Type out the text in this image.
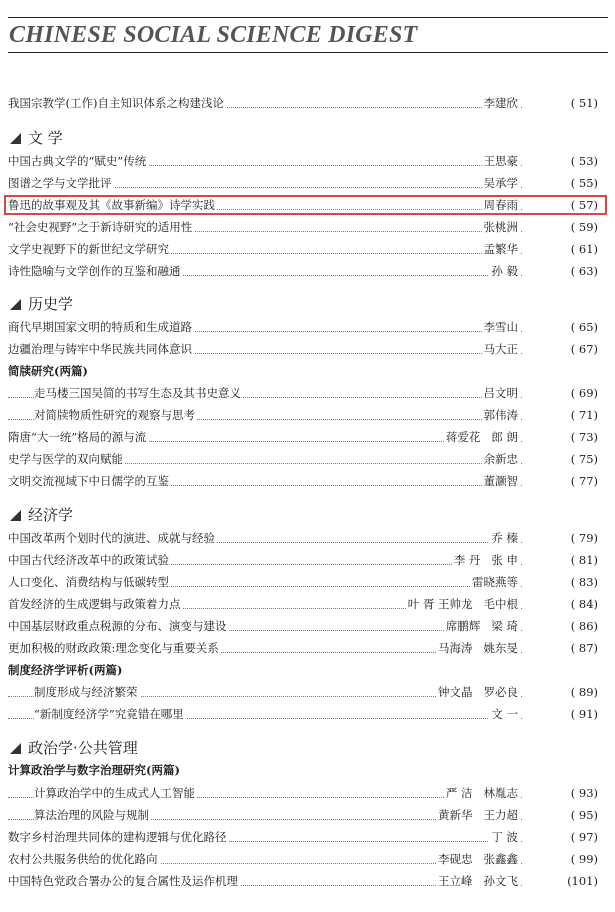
CHINESE SOCIAL SCIENCE DIGEST
我国宗教学(工作)自主知识体系之构建浅论	李建欣	( 51)
文 学
中国古典文学的“赋史”传统	王思豪	( 53)
图谱之学与文学批评	吴承学	( 55)
鲁迅的故事观及其《故事新编》诗学实践	周春雨	( 57)
“社会史视野”之于新诗研究的适用性	张桃洲	( 59)
文学史视野下的新世纪文学研究	孟繁华	( 61)
诗性隐喻与文学创作的互鉴和融通	孙 毅	( 63)
历史学
商代早期国家文明的特质和生成道路	李雪山	( 65)
边疆治理与铸牢中华民族共同体意识	马大正	( 67)
简牍研究(两篇)
走马楼三国吴简的书写生态及其书史意义	吕文明	( 69)
对简牍物质性研究的观察与思考	郭伟涛	( 71)
隋唐“大一统”格局的源与流	蒋爱花 郎 朗	( 73)
史学与医学的双向赋能	余新忠	( 75)
文明交流视域下中日儒学的互鉴	董灏智	( 77)
经济学
中国改革两个划时代的演进、成就与经验	乔 榛	( 79)
中国古代经济改革中的政策试验	李 丹 张 申	( 81)
人口变化、消费结构与低碳转型	雷晓燕等	( 83)
首发经济的生成逻辑与政策着力点	叶 胥 王帅龙 毛中根	( 84)
中国基层财政重点税源的分布、演变与建设	席鹏辉 梁 琦	( 86)
更加积极的财政政策:理念变化与重要关系	马海涛 姚东旻	( 87)
制度经济学评析(两篇)
制度形成与经济繁荣	钟文晶 罗必良	( 89)
“新制度经济学”究竟错在哪里	文 一	( 91)
政治学·公共管理
计算政治学与数字治理研究(两篇)
计算政治学中的生成式人工智能	严 洁 林胤志	( 93)
算法治理的风险与规制	黄新华 王力超	( 95)
数字乡村治理共同体的建构逻辑与优化路径	丁 波	( 97)
农村公共服务供给的优化路向	李砚忠 张鑫鑫	( 99)
中国特色党政合署办公的复合属性及运作机理	王立峰 孙文飞	(101)
